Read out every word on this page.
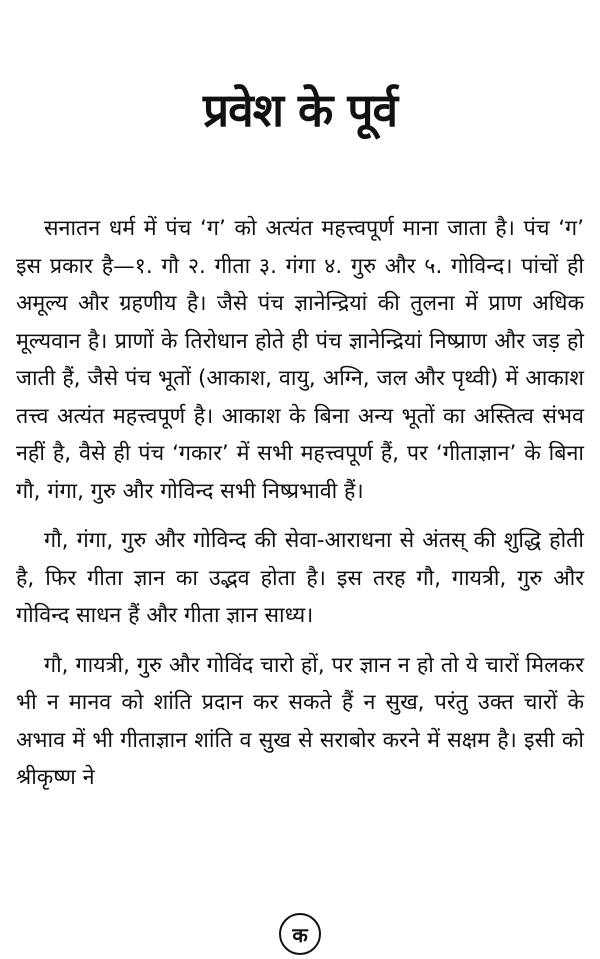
प्रवेश के पूर्व

सनातन धर्म में पंच ‘ग’ को अत्यंत महत्त्वपूर्ण माना जाता है। पंच ‘ग’ इस प्रकार है—१. गौ २. गीता ३. गंगा ४. गुरु और ५. गोविन्द। पांचों ही अमूल्य और ग्रहणीय है। जैसे पंच ज्ञानेन्द्रियां की तुलना में प्राण अधिक मूल्यवान है। प्राणों के तिरोधान होते ही पंच ज्ञानेन्द्रियां निष्प्राण और जड़ हो जाती हैं, जैसे पंच भूतों (आकाश, वायु, अग्नि, जल और पृथ्वी) में आकाश तत्त्व अत्यंत महत्त्वपूर्ण है। आकाश के बिना अन्य भूतों का अस्तित्व संभव नहीं है, वैसे ही पंच ‘गकार’ में सभी महत्त्वपूर्ण हैं, पर ‘गीताज्ञान’ के बिना गौ, गंगा, गुरु और गोविन्द सभी निष्प्रभावी हैं।

गौ, गंगा, गुरु और गोविन्द की सेवा-आराधना से अंतस् की शुद्धि होती है, फिर गीता ज्ञान का उद्भव होता है। इस तरह गौ, गायत्री, गुरु और गोविन्द साधन हैं और गीता ज्ञान साध्य।

गौ, गायत्री, गुरु और गोविंद चारो हों, पर ज्ञान न हो तो ये चारों मिलकर भी न मानव को शांति प्रदान कर सकते हैं न सुख, परंतु उक्त चारों के अभाव में भी गीताज्ञान शांति व सुख से सराबोर करने में सक्षम है। इसी को श्रीकृष्ण ने

क
